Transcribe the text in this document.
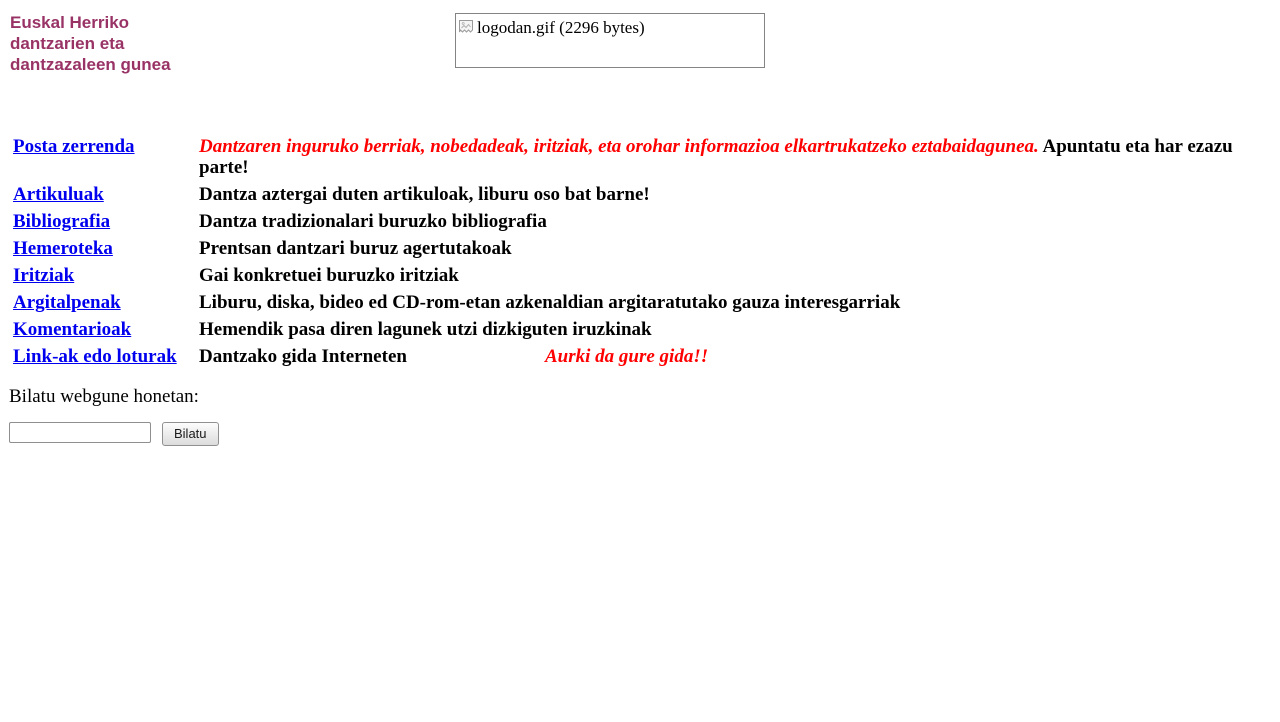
Euskal Herriko dantzarien eta dantzazaleen gunea
logodan.gif (2296 bytes)
Posta zerrenda	Dantzaren inguruko berriak, nobedadeak, iritziak, eta orohar informazioa elkartrukatzeko eztabaidagunea. Apuntatu eta har ezazu parte!
Artikuluak	Dantza aztergai duten artikuloak, liburu oso bat barne!
Bibliografia	Dantza tradizionalari buruzko bibliografia
Hemeroteka	Prentsan dantzari buruz agertutakoak
Iritziak	Gai konkretuei buruzko iritziak
Argitalpenak	Liburu, diska, bideo ed CD-rom-etan azkenaldian argitaratutako gauza interesgarriak
Komentarioak	Hemendik pasa diren lagunek utzi dizkiguten iruzkinak
Link-ak edo loturak	Dantzako gida Interneten Aurki da gure gida!!

Bilatu webgune honetan:

Bilatu
